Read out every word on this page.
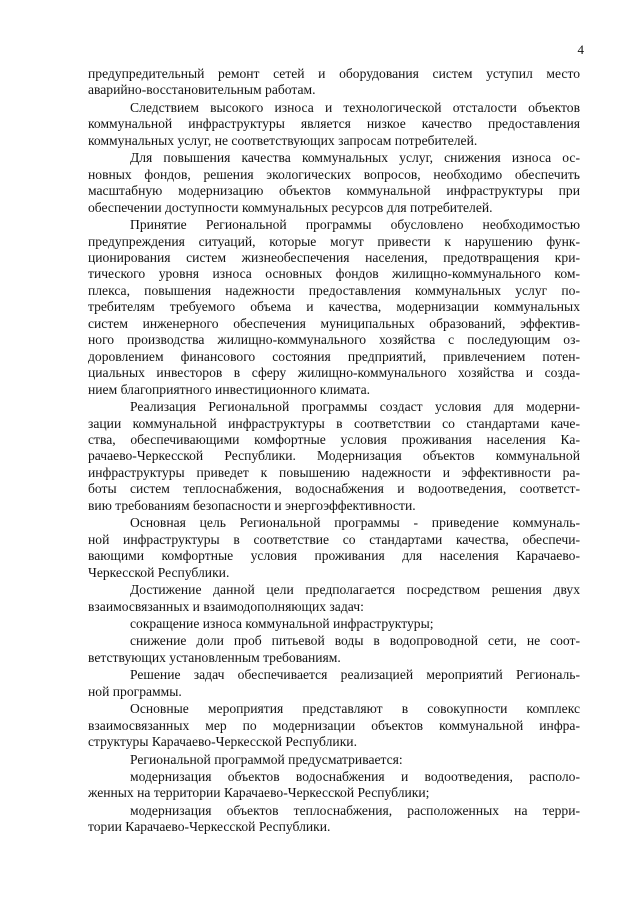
4
предупредительный ремонт сетей и оборудования систем уступил место
аварийно-восстановительным работам.
Следствием высокого износа и технологической отсталости объектов
коммунальной инфраструктуры является низкое качество предоставления
коммунальных услуг, не соответствующих запросам потребителей.
Для повышения качества коммунальных услуг, снижения износа ос-
новных фондов, решения экологических вопросов, необходимо обеспечить
масштабную модернизацию объектов коммунальной инфраструктуры при
обеспечении доступности коммунальных ресурсов для потребителей.
Принятие Региональной программы обусловлено необходимостью
предупреждения ситуаций, которые могут привести к нарушению функ-
ционирования систем жизнеобеспечения населения, предотвращения кри-
тического уровня износа основных фондов жилищно-коммунального ком-
плекса, повышения надежности предоставления коммунальных услуг по-
требителям требуемого объема и качества, модернизации коммунальных
систем инженерного обеспечения муниципальных образований, эффектив-
ного производства жилищно-коммунального хозяйства с последующим оз-
доровлением финансового состояния предприятий, привлечением потен-
циальных инвесторов в сферу жилищно-коммунального хозяйства и созда-
нием благоприятного инвестиционного климата.
Реализация Региональной программы создаст условия для модерни-
зации коммунальной инфраструктуры в соответствии со стандартами каче-
ства, обеспечивающими комфортные условия проживания населения Ка-
рачаево-Черкесской Республики. Модернизация объектов коммунальной
инфраструктуры приведет к повышению надежности и эффективности ра-
боты систем теплоснабжения, водоснабжения и водоотведения, соответст-
вию требованиям безопасности и энергоэффективности.
Основная цель Региональной программы - приведение коммуналь-
ной инфраструктуры в соответствие со стандартами качества, обеспечи-
вающими комфортные условия проживания для населения Карачаево-
Черкесской Республики.
Достижение данной цели предполагается посредством решения двух
взаимосвязанных и взаимодополняющих задач:
сокращение износа коммунальной инфраструктуры;
снижение доли проб питьевой воды в водопроводной сети, не соот-
ветствующих установленным требованиям.
Решение задач обеспечивается реализацией мероприятий Региональ-
ной программы.
Основные мероприятия представляют в совокупности комплекс
взаимосвязанных мер по модернизации объектов коммунальной инфра-
структуры Карачаево-Черкесской Республики.
Региональной программой предусматривается:
модернизация объектов водоснабжения и водоотведения, располо-
женных на территории Карачаево-Черкесской Республики;
модернизация объектов теплоснабжения, расположенных на терри-
тории Карачаево-Черкесской Республики.
